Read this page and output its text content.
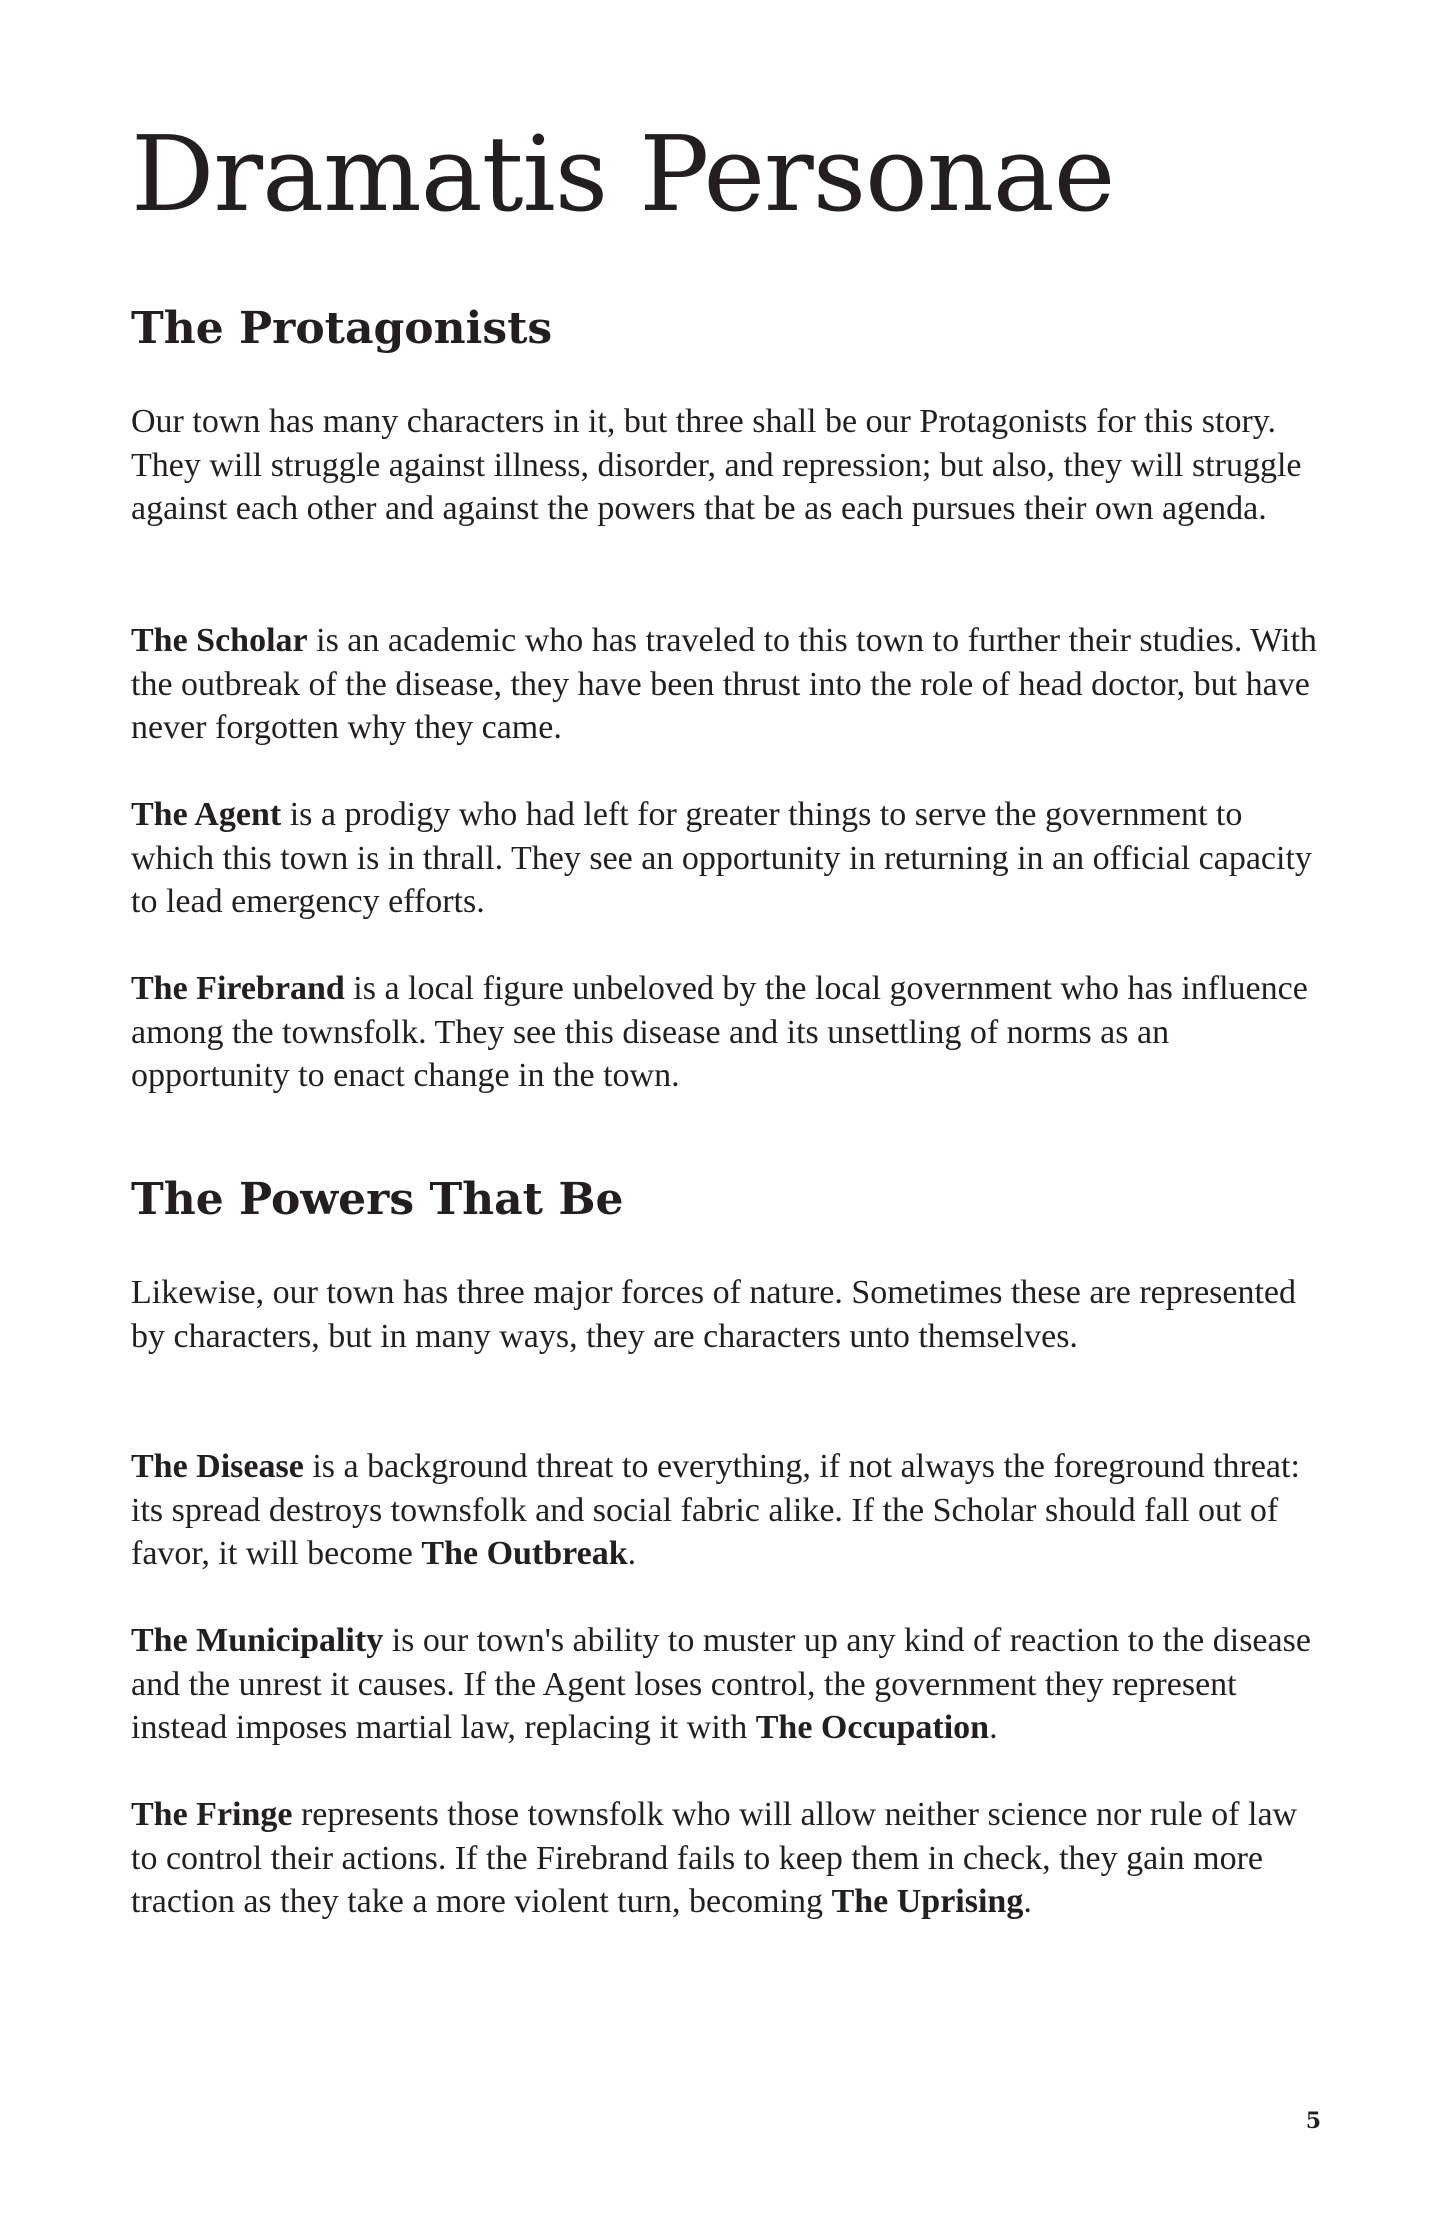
Dramatis Personae
The Protagonists

Our town has many characters in it, but three shall be our Protagonists for this story. They will struggle against illness, disorder, and repression; but also, they will struggle against each other and against the powers that be as each pursues their own agenda.

The Scholar is an academic who has traveled to this town to further their studies. With the outbreak of the disease, they have been thrust into the role of head doctor, but have never forgotten why they came.

The Agent is a prodigy who had left for greater things to serve the government to which this town is in thrall. They see an opportunity in returning in an official capacity to lead emergency efforts.

The Firebrand is a local figure unbeloved by the local government who has influence among the townsfolk. They see this disease and its unsettling of norms as an opportunity to enact change in the town.

The Powers That Be

Likewise, our town has three major forces of nature. Sometimes these are represented by characters, but in many ways, they are characters unto themselves.

The Disease is a background threat to everything, if not always the foreground threat: its spread destroys townsfolk and social fabric alike. If the Scholar should fall out of favor, it will become The Outbreak.

The Municipality is our town's ability to muster up any kind of reaction to the disease and the unrest it causes. If the Agent loses control, the government they represent instead imposes martial law, replacing it with The Occupation.

The Fringe represents those townsfolk who will allow neither science nor rule of law to control their actions. If the Firebrand fails to keep them in check, they gain more traction as they take a more violent turn, becoming The Uprising.

5
